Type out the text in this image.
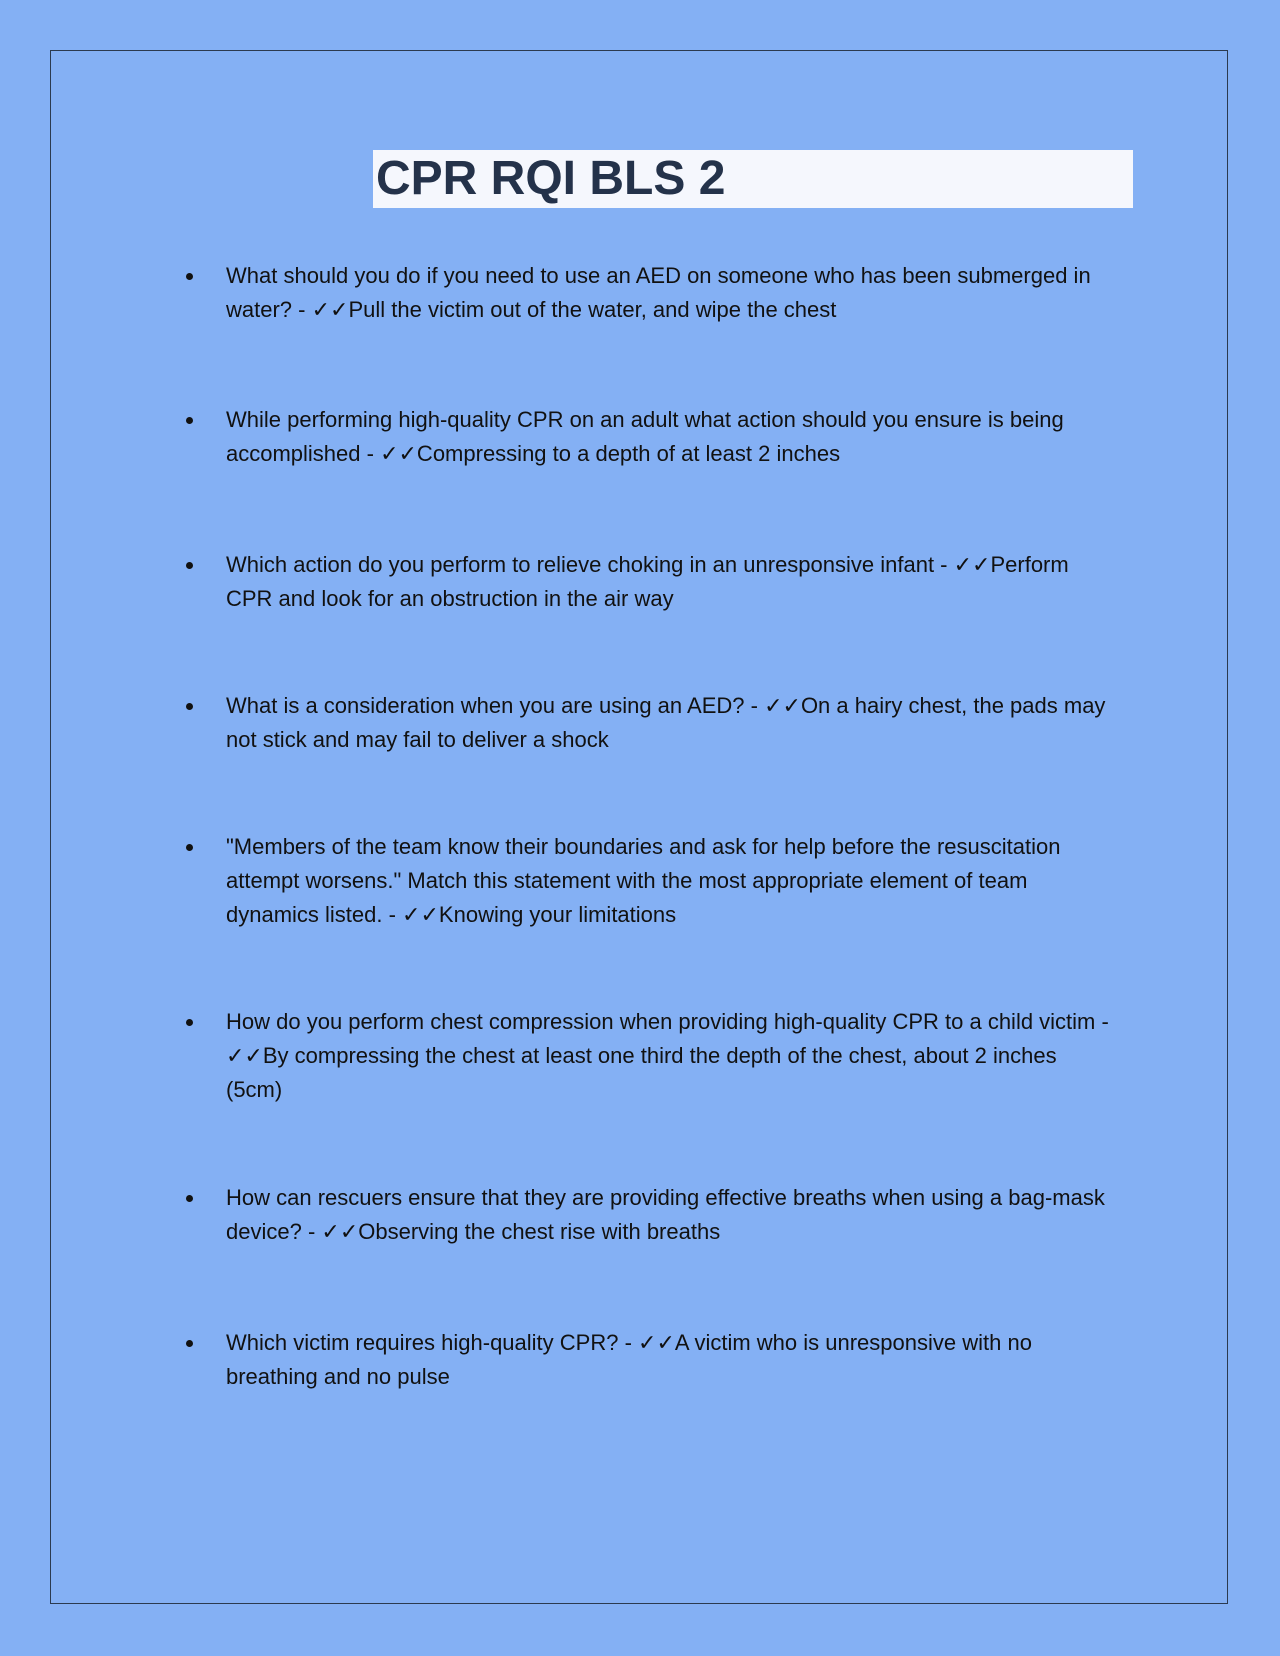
CPR RQI BLS 2

What should you do if you need to use an AED on someone who has been submerged in water? - ✓✓Pull the victim out of the water, and wipe the chest

While performing high-quality CPR on an adult what action should you ensure is being accomplished - ✓✓Compressing to a depth of at least 2 inches

Which action do you perform to relieve choking in an unresponsive infant - ✓✓Perform CPR and look for an obstruction in the air way

What is a consideration when you are using an AED? - ✓✓On a hairy chest, the pads may not stick and may fail to deliver a shock

"Members of the team know their boundaries and ask for help before the resuscitation attempt worsens." Match this statement with the most appropriate element of team dynamics listed. - ✓✓Knowing your limitations

How do you perform chest compression when providing high-quality CPR to a child victim - ✓✓By compressing the chest at least one third the depth of the chest, about 2 inches (5cm)

How can rescuers ensure that they are providing effective breaths when using a bag-mask device? - ✓✓Observing the chest rise with breaths

Which victim requires high-quality CPR? - ✓✓A victim who is unresponsive with no breathing and no pulse
